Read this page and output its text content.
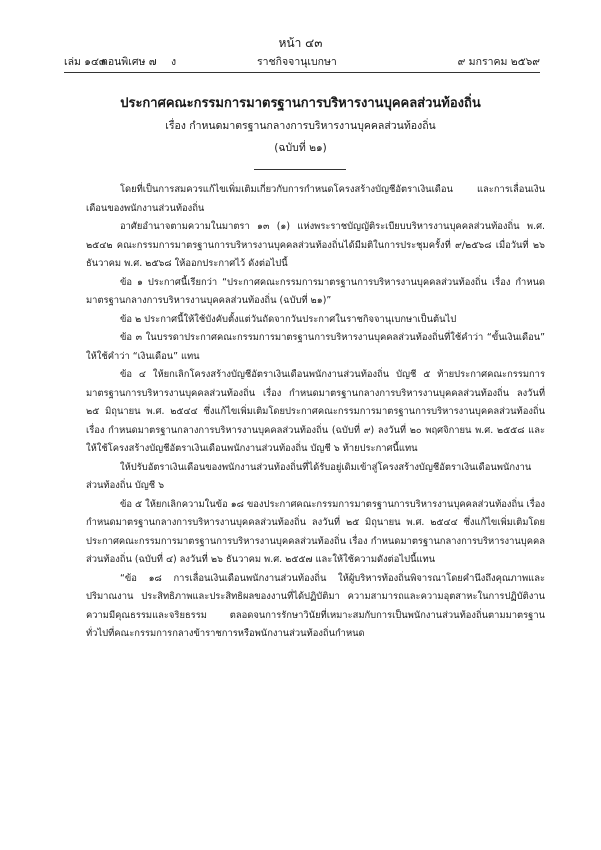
หน้า ๔๓
เล่ม ๑๔๓
ตอนพิเศษ ๗ ง	ราชกิจจานุเบกษา	๙ มกราคม ๒๕๖๙
ประกาศคณะกรรมการมาตรฐานการบริหารงานบุคคลส่วนท้องถิ่น
เรื่อง กำหนดมาตรฐานกลางการบริหารงานบุคคลส่วนท้องถิ่น
(ฉบับที่ ๒๑)

โดยที่เป็นการสมควรแก้ไขเพิ่มเติมเกี่ยวกับการกำหนดโครงสร้างบัญชีอัตราเงินเดือน และการเลื่อนเงินเดือนของพนักงานส่วนท้องถิ่น

อาศัยอำนาจตามความในมาตรา ๑๓ (๑) แห่งพระราชบัญญัติระเบียบบริหารงานบุคคลส่วนท้องถิ่น พ.ศ. ๒๕๔๒ คณะกรรมการมาตรฐานการบริหารงานบุคคลส่วนท้องถิ่นได้มีมติในการประชุมครั้งที่ ๙/๒๕๖๘ เมื่อวันที่ ๒๖ ธันวาคม พ.ศ. ๒๕๖๘ ให้ออกประกาศไว้ ดังต่อไปนี้

ข้อ ๑ ประกาศนี้เรียกว่า “ประกาศคณะกรรมการมาตรฐานการบริหารงานบุคคลส่วนท้องถิ่น เรื่อง กำหนดมาตรฐานกลางการบริหารงานบุคคลส่วนท้องถิ่น (ฉบับที่ ๒๑)”

ข้อ ๒ ประกาศนี้ให้ใช้บังคับตั้งแต่วันถัดจากวันประกาศในราชกิจจานุเบกษาเป็นต้นไป

ข้อ ๓ ในบรรดาประกาศคณะกรรมการมาตรฐานการบริหารงานบุคคลส่วนท้องถิ่นที่ใช้คำว่า “ขั้นเงินเดือน” ให้ใช้คำว่า “เงินเดือน” แทน

ข้อ ๔ ให้ยกเลิกโครงสร้างบัญชีอัตราเงินเดือนพนักงานส่วนท้องถิ่น บัญชี ๕ ท้ายประกาศคณะกรรมการมาตรฐานการบริหารงานบุคคลส่วนท้องถิ่น เรื่อง กำหนดมาตรฐานกลางการบริหารงานบุคคลส่วนท้องถิ่น ลงวันที่ ๒๕ มิถุนายน พ.ศ. ๒๕๔๔ ซึ่งแก้ไขเพิ่มเติมโดยประกาศคณะกรรมการมาตรฐานการบริหารงานบุคคลส่วนท้องถิ่น เรื่อง กำหนดมาตรฐานกลางการบริหารงานบุคคลส่วนท้องถิ่น (ฉบับที่ ๙) ลงวันที่ ๒๐ พฤศจิกายน พ.ศ. ๒๕๕๘ และให้ใช้โครงสร้างบัญชีอัตราเงินเดือนพนักงานส่วนท้องถิ่น บัญชี ๖ ท้ายประกาศนี้แทน

ให้ปรับอัตราเงินเดือนของพนักงานส่วนท้องถิ่นที่ได้รับอยู่เดิมเข้าสู่โครงสร้างบัญชีอัตราเงินเดือนพนักงานส่วนท้องถิ่น บัญชี ๖

ข้อ ๕ ให้ยกเลิกความในข้อ ๑๘ ของประกาศคณะกรรมการมาตรฐานการบริหารงานบุคคลส่วนท้องถิ่น เรื่อง กำหนดมาตรฐานกลางการบริหารงานบุคคลส่วนท้องถิ่น ลงวันที่ ๒๕ มิถุนายน พ.ศ. ๒๕๔๔ ซึ่งแก้ไขเพิ่มเติมโดยประกาศคณะกรรมการมาตรฐานการบริหารงานบุคคลส่วนท้องถิ่น เรื่อง กำหนดมาตรฐานกลางการบริหารงานบุคคลส่วนท้องถิ่น (ฉบับที่ ๔) ลงวันที่ ๒๖ ธันวาคม พ.ศ. ๒๕๕๗ และให้ใช้ความดังต่อไปนี้แทน

“ข้อ ๑๘ การเลื่อนเงินเดือนพนักงานส่วนท้องถิ่น ให้ผู้บริหารท้องถิ่นพิจารณาโดยคำนึงถึงคุณภาพและปริมาณงาน ประสิทธิภาพและประสิทธิผลของงานที่ได้ปฏิบัติมา ความสามารถและความอุตสาหะในการปฏิบัติงาน ความมีคุณธรรมและจริยธรรม ตลอดจนการรักษาวินัยที่เหมาะสมกับการเป็นพนักงานส่วนท้องถิ่นตามมาตรฐานทั่วไปที่คณะกรรมการกลางข้าราชการหรือพนักงานส่วนท้องถิ่นกำหนด
